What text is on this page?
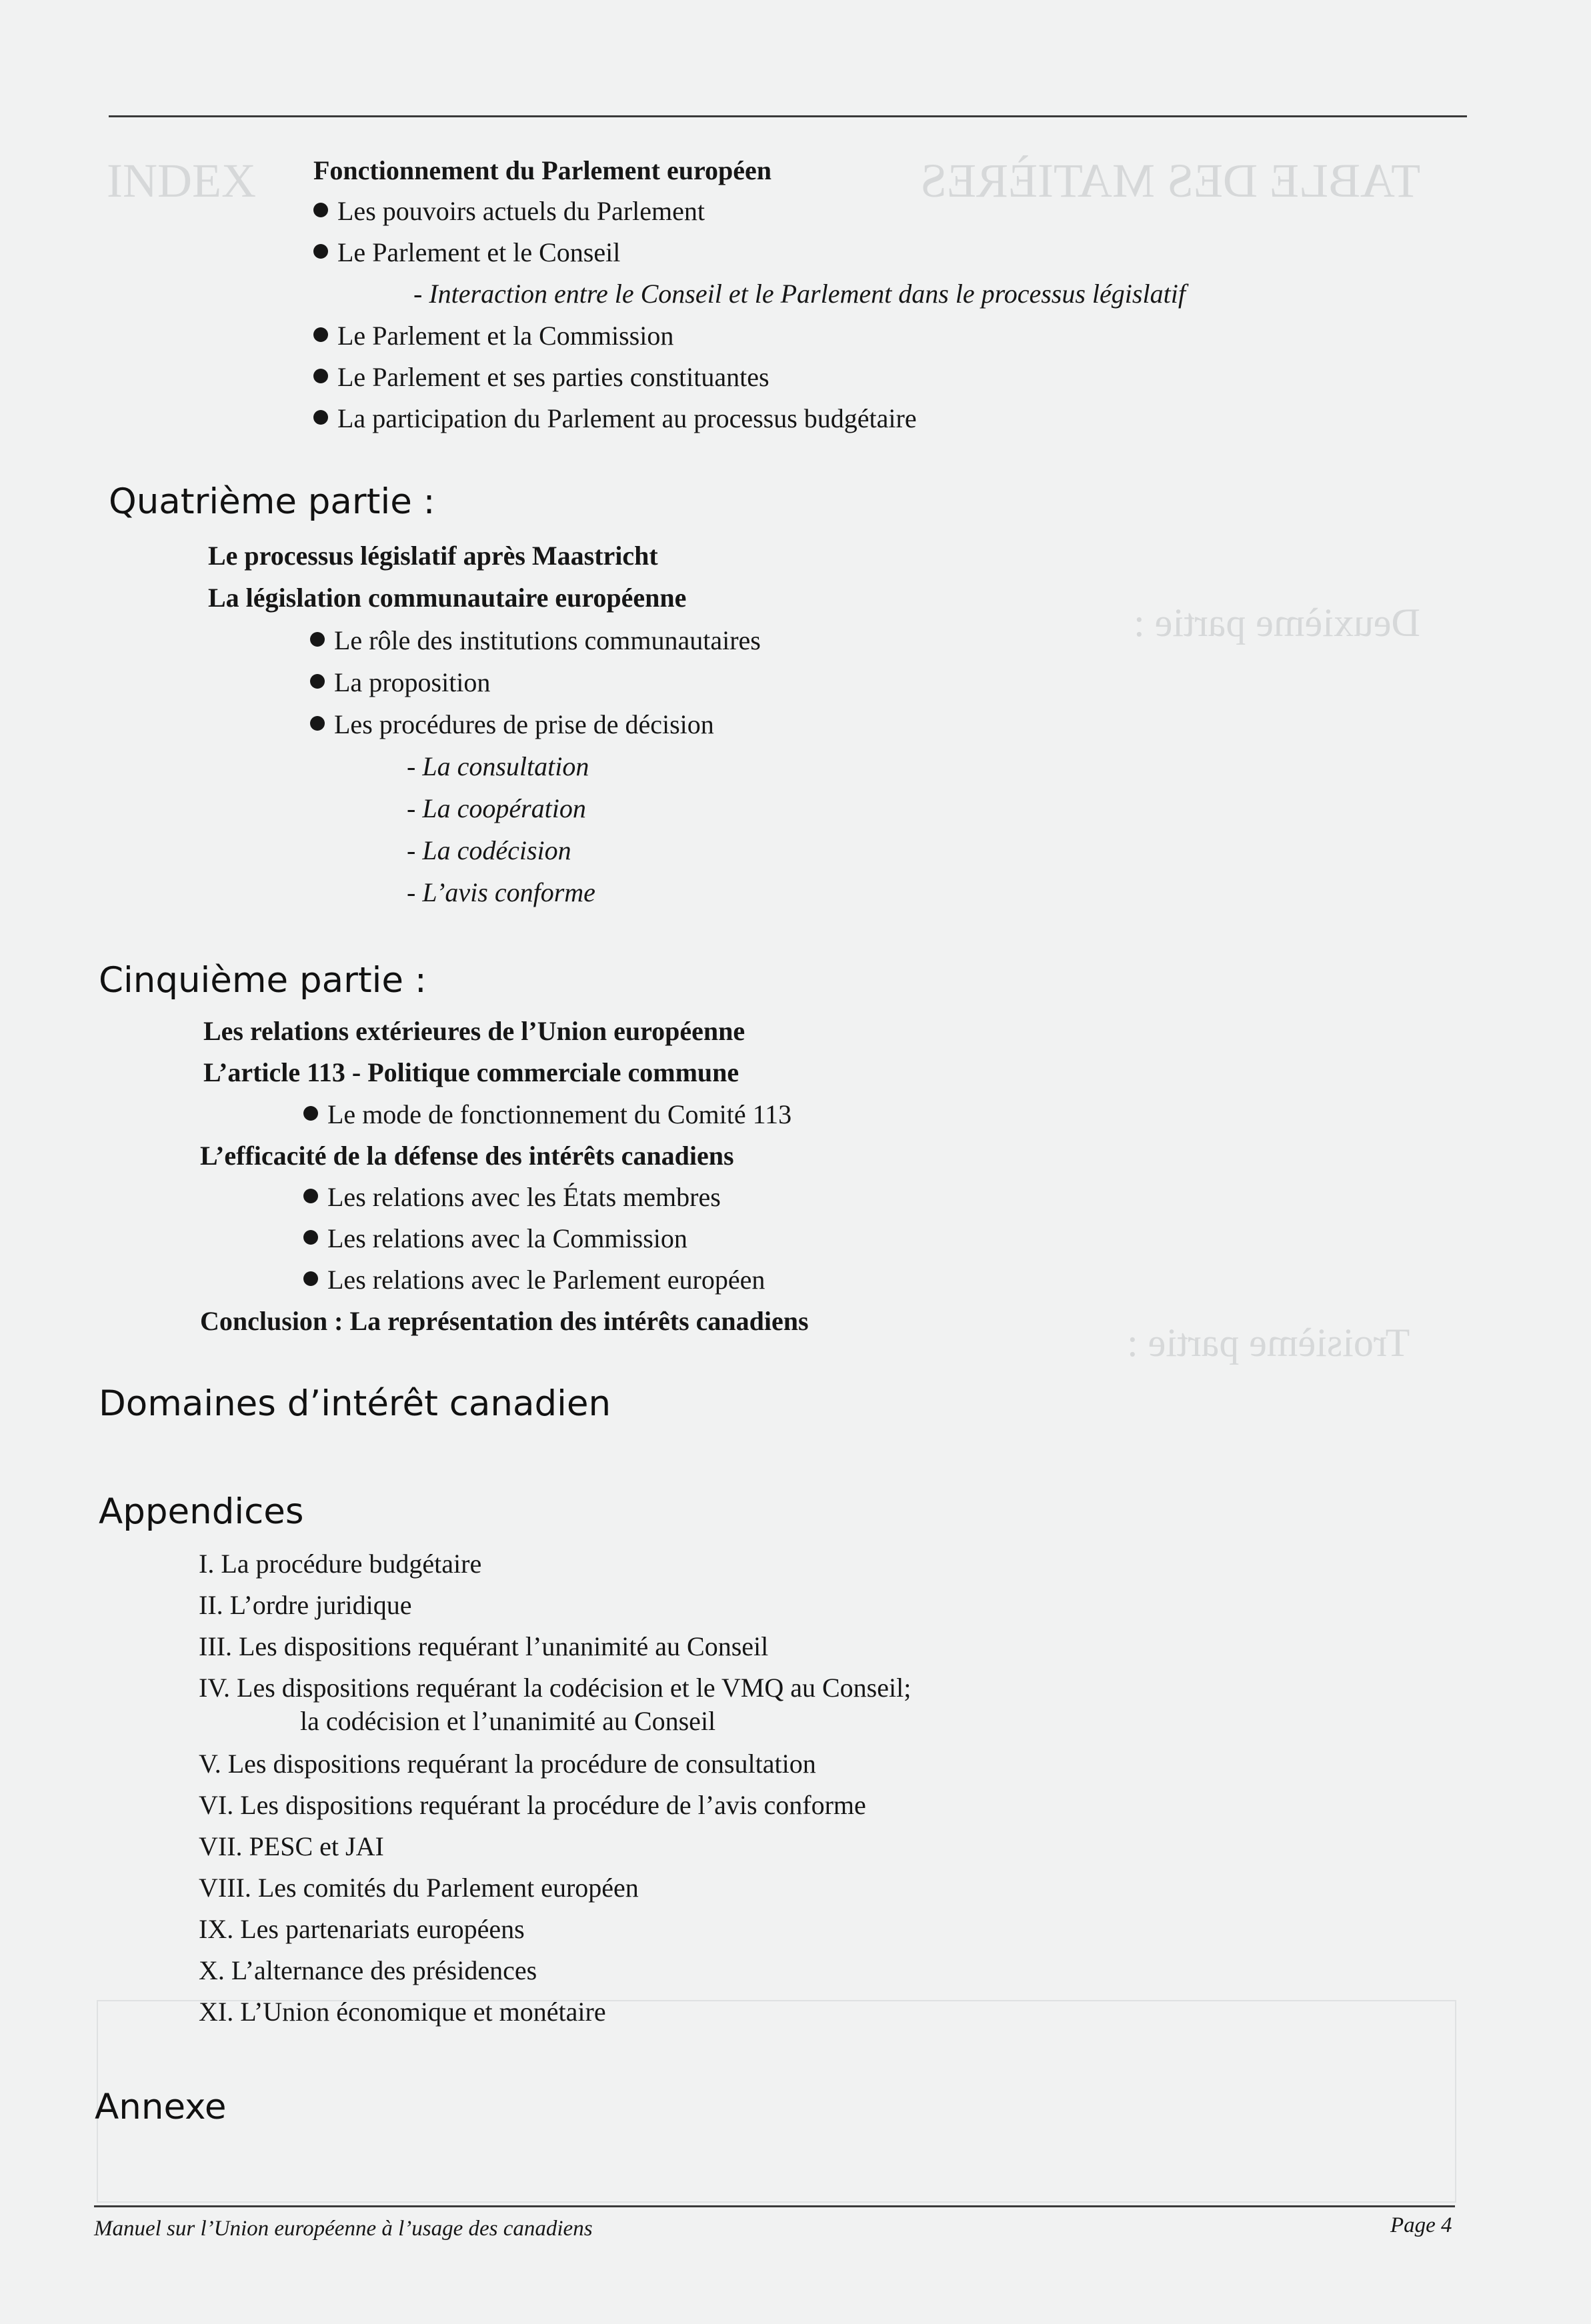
TABLE DES MATIÈRES
INDEX
Deuxième partie :
Troisième partie :
Fonctionnement du Parlement européen
Les pouvoirs actuels du Parlement
Le Parlement et le Conseil
- Interaction entre le Conseil et le Parlement dans le processus législatif
Le Parlement et la Commission
Le Parlement et ses parties constituantes
La participation du Parlement au processus budgétaire
Quatrième partie :
Le processus législatif après Maastricht
La législation communautaire européenne
Le rôle des institutions communautaires
La proposition
Les procédures de prise de décision
- La consultation
- La coopération
- La codécision
- L’avis conforme
Cinquième partie :
Les relations extérieures de l’Union européenne
L’article 113 - Politique commerciale commune
Le mode de fonctionnement du Comité 113
L’efficacité de la défense des intérêts canadiens
Les relations avec les États membres
Les relations avec la Commission
Les relations avec le Parlement européen
Conclusion : La représentation des intérêts canadiens
Domaines d’intérêt canadien
Appendices
I. La procédure budgétaire
II. L’ordre juridique
III. Les dispositions requérant l’unanimité au Conseil
IV. Les dispositions requérant la codécision et le VMQ au Conseil;
la codécision et l’unanimité au Conseil
V. Les dispositions requérant la procédure de consultation
VI. Les dispositions requérant la procédure de l’avis conforme
VII. PESC et JAI
VIII. Les comités du Parlement européen
IX. Les partenariats européens
X. L’alternance des présidences
XI. L’Union économique et monétaire
Annexe
Manuel sur l’Union européenne à l’usage des canadiens	Page 4
